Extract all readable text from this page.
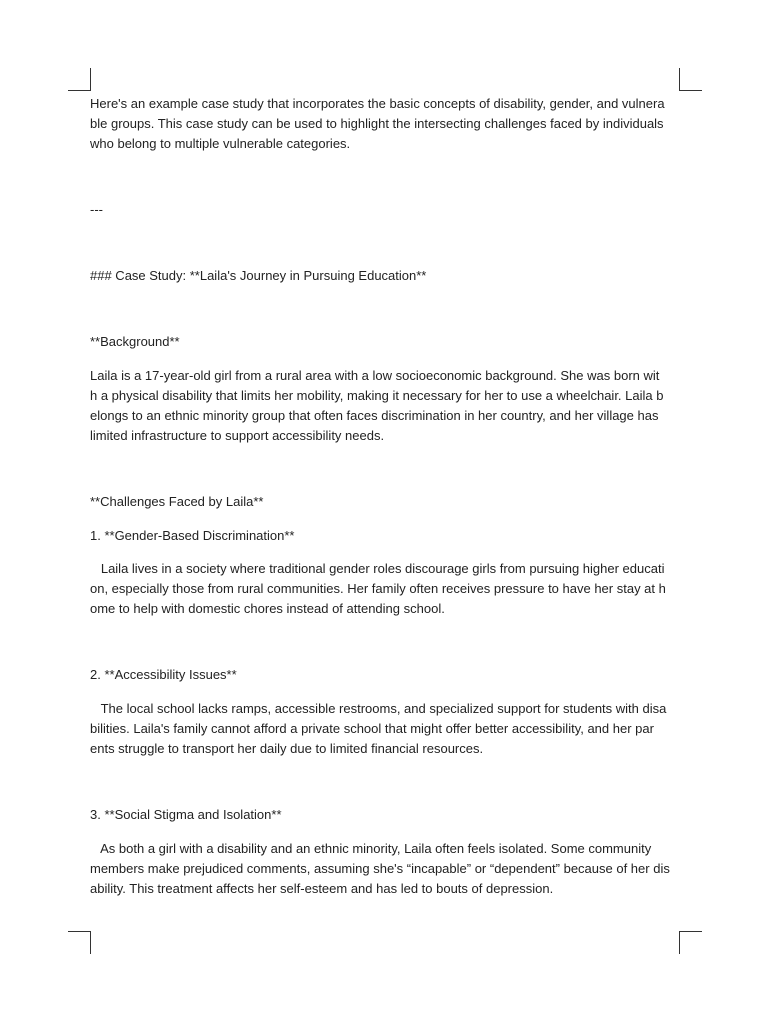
Here's an example case study that incorporates the basic concepts of disability, gender, and vulnera
ble groups. This case study can be used to highlight the intersecting challenges faced by individuals
who belong to multiple vulnerable categories.
---
### Case Study: **Laila's Journey in Pursuing Education**
**Background**
Laila is a 17-year-old girl from a rural area with a low socioeconomic background. She was born wit
h a physical disability that limits her mobility, making it necessary for her to use a wheelchair. Laila b
elongs to an ethnic minority group that often faces discrimination in her country, and her village has
limited infrastructure to support accessibility needs.
**Challenges Faced by Laila**
1. **Gender-Based Discrimination**
Laila lives in a society where traditional gender roles discourage girls from pursuing higher educati
on, especially those from rural communities. Her family often receives pressure to have her stay at h
ome to help with domestic chores instead of attending school.
2. **Accessibility Issues**
The local school lacks ramps, accessible restrooms, and specialized support for students with disa
bilities. Laila's family cannot afford a private school that might offer better accessibility, and her par
ents struggle to transport her daily due to limited financial resources.
3. **Social Stigma and Isolation**
As both a girl with a disability and an ethnic minority, Laila often feels isolated. Some community
members make prejudiced comments, assuming she's “incapable” or “dependent” because of her dis
ability. This treatment affects her self-esteem and has led to bouts of depression.
